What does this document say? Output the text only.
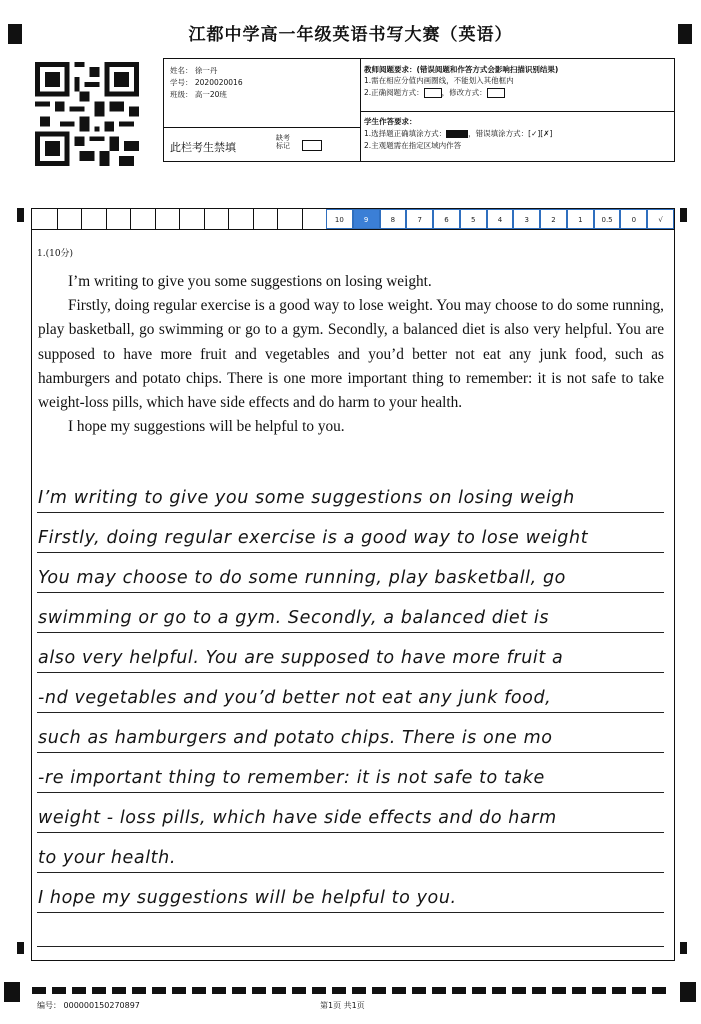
江都中学高一年级英语书写大赛（英语）
姓名： 徐一丹
学号： 2020020016
班级： 高一20班
此栏考生禁填
缺考
标记
教师阅题要求：(错误阅题和作答方式会影响扫描识别结果)
1.需在相应分值内画圈线，不能划入其他框内
2.正确阅题方式： ，修改方式：
学生作答要求：
1.选择题正确填涂方式：	，错误填涂方式：[✓][✗]
2.主观题需在指定区域内作答
10	9	8	7	6	5	4	3	2	1	0.5	0	√
1.(10分)

I’m writing to give you some suggestions on losing weight.

Firstly, doing regular exercise is a good way to lose weight. You may choose to do some running, play basketball, go swimming or go to a gym. Secondly, a balanced diet is also very helpful. You are supposed to have more fruit and vegetables and you’d better not eat any junk food, such as hamburgers and potato chips. There is one more important thing to remember: it is not safe to take weight-loss pills, which have side effects and do harm to your health.

I hope my suggestions will be helpful to you.

I’m writing to give you some suggestions on losing weigh
Firstly, doing regular exercise is a good way to lose weight
You may choose to do some running, play basketball, go
swimming or go to a gym. Secondly, a balanced diet is
also very helpful. You are supposed to have more fruit a
-nd vegetables and you’d better not eat any junk food,
such as hamburgers and potato chips. There is one mo
-re important thing to remember: it is not safe to take
weight - loss pills, which have side effects and do harm
to your health.
I hope my suggestions will be helpful to you.
编号： 000000150270897	第1页 共1页
